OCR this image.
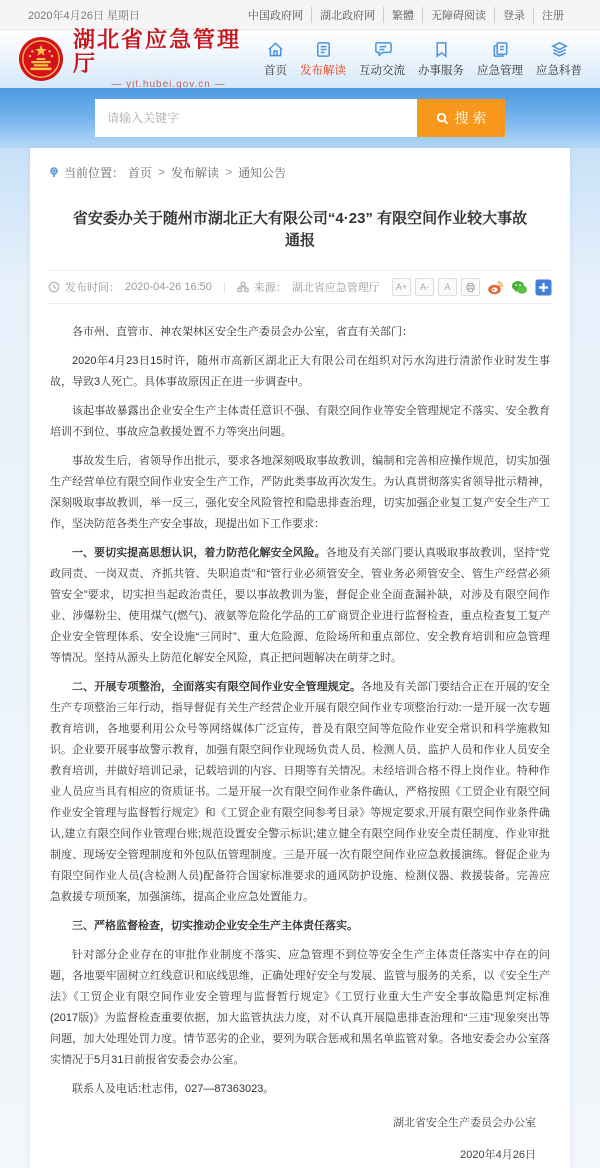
2020年4月26日 星期日	中国政府网	湖北政府网	繁體	无障碍阅读	登录	注册
湖北省应急管理厅
— yjt.hubei.gov.cn —
首页 发布解读 互动交流 办事服务 应急管理 应急科普
请输入关键字
搜 索
当前位置： 首页 > 发布解读 > 通知公告
省安委办关于随州市湖北正大有限公司“4·23” 有限空间作业较大事故通报
发布时间： 2020-04-26 16:50 |	来源： 湖北省应急管理厅	A+	A-	A

各市州、直管市、神农架林区安全生产委员会办公室，省直有关部门：

2020年4月23日15时许，随州市高新区湖北正大有限公司在组织对污水沟进行清淤作业时发生事故，导致3人死亡。具体事故原因正在进一步调查中。

该起事故暴露出企业安全生产主体责任意识不强、有限空间作业等安全管理规定不落实、安全教育培训不到位、事故应急救援处置不力等突出问题。

事故发生后，省领导作出批示，要求各地深刻吸取事故教训，编制和完善相应操作规范，切实加强生产经营单位有限空间作业安全生产工作，严防此类事故再次发生。为认真贯彻落实省领导批示精神，深刻吸取事故教训，举一反三，强化安全风险管控和隐患排查治理，切实加强企业复工复产安全生产工作，坚决防范各类生产安全事故，现提出如下工作要求：

一、要切实提高思想认识，着力防范化解安全风险。各地及有关部门要认真吸取事故教训，坚持“党政同责、一岗双责、齐抓共管、失职追责”和“管行业必须管安全、管业务必须管安全、管生产经营必须管安全”要求，切实担当起政治责任，要以事故教训为鉴，督促企业全面查漏补缺，对涉及有限空间作业、涉爆粉尘、使用煤气(燃气)、液氨等危险化学品的工矿商贸企业进行监督检查，重点检查复工复产企业安全管理体系、安全设施“三同时”、重大危险源、危险场所和重点部位、安全教育培训和应急管理等情况。坚持从源头上防范化解安全风险，真正把问题解决在萌芽之时。

二、开展专项整治，全面落实有限空间作业安全管理规定。各地及有关部门要结合正在开展的安全生产专项整治三年行动，指导督促有关生产经营企业开展有限空间作业专项整治行动:一是开展一次专题教育培训，各地要利用公众号等网络媒体广泛宣传，普及有限空间等危险作业安全常识和科学施救知识。企业要开展事故警示教育，加强有限空间作业现场负责人员、检测人员、监护人员和作业人员安全教育培训，并做好培训记录，记载培训的内容、日期等有关情况。未经培训合格不得上岗作业。特种作业人员应当具有相应的资质证书。二是开展一次有限空间作业条件确认，严格按照《工贸企业有限空间作业安全管理与监督暂行规定》和《工贸企业有限空间参考目录》等规定要求,开展有限空间作业条件确认,建立有限空间作业管理台账;规范设置安全警示标识;建立健全有限空间作业安全责任制度、作业审批制度、现场安全管理制度和外包队伍管理制度。三是开展一次有限空间作业应急救援演练。督促企业为有限空间作业人员(含检测人员)配备符合国家标准要求的通风防护设施、检测仪器、救援装备。完善应急救援专项预案，加强演练，提高企业应急处置能力。

三、严格监督检查，切实推动企业安全生产主体责任落实。

针对部分企业存在的审批作业制度不落实、应急管理不到位等安全生产主体责任落实中存在的问题，各地要牢固树立红线意识和底线思维，正确处理好安全与发展、监管与服务的关系，以《安全生产法》《工贸企业有限空间作业安全管理与监督暂行规定》《工贸行业重大生产安全事故隐患判定标准(2017版)》为监督检查重要依据，加大监管执法力度，对不认真开展隐患排查治理和“三违”现象突出等问题，加大处理处罚力度。情节恶劣的企业，要列为联合惩戒和黑名单监管对象。各地安委会办公室落实情况于5月31日前报省安委会办公室。

联系人及电话:杜志伟，027—87363023。

湖北省安全生产委员会办公室
2020年4月26日
